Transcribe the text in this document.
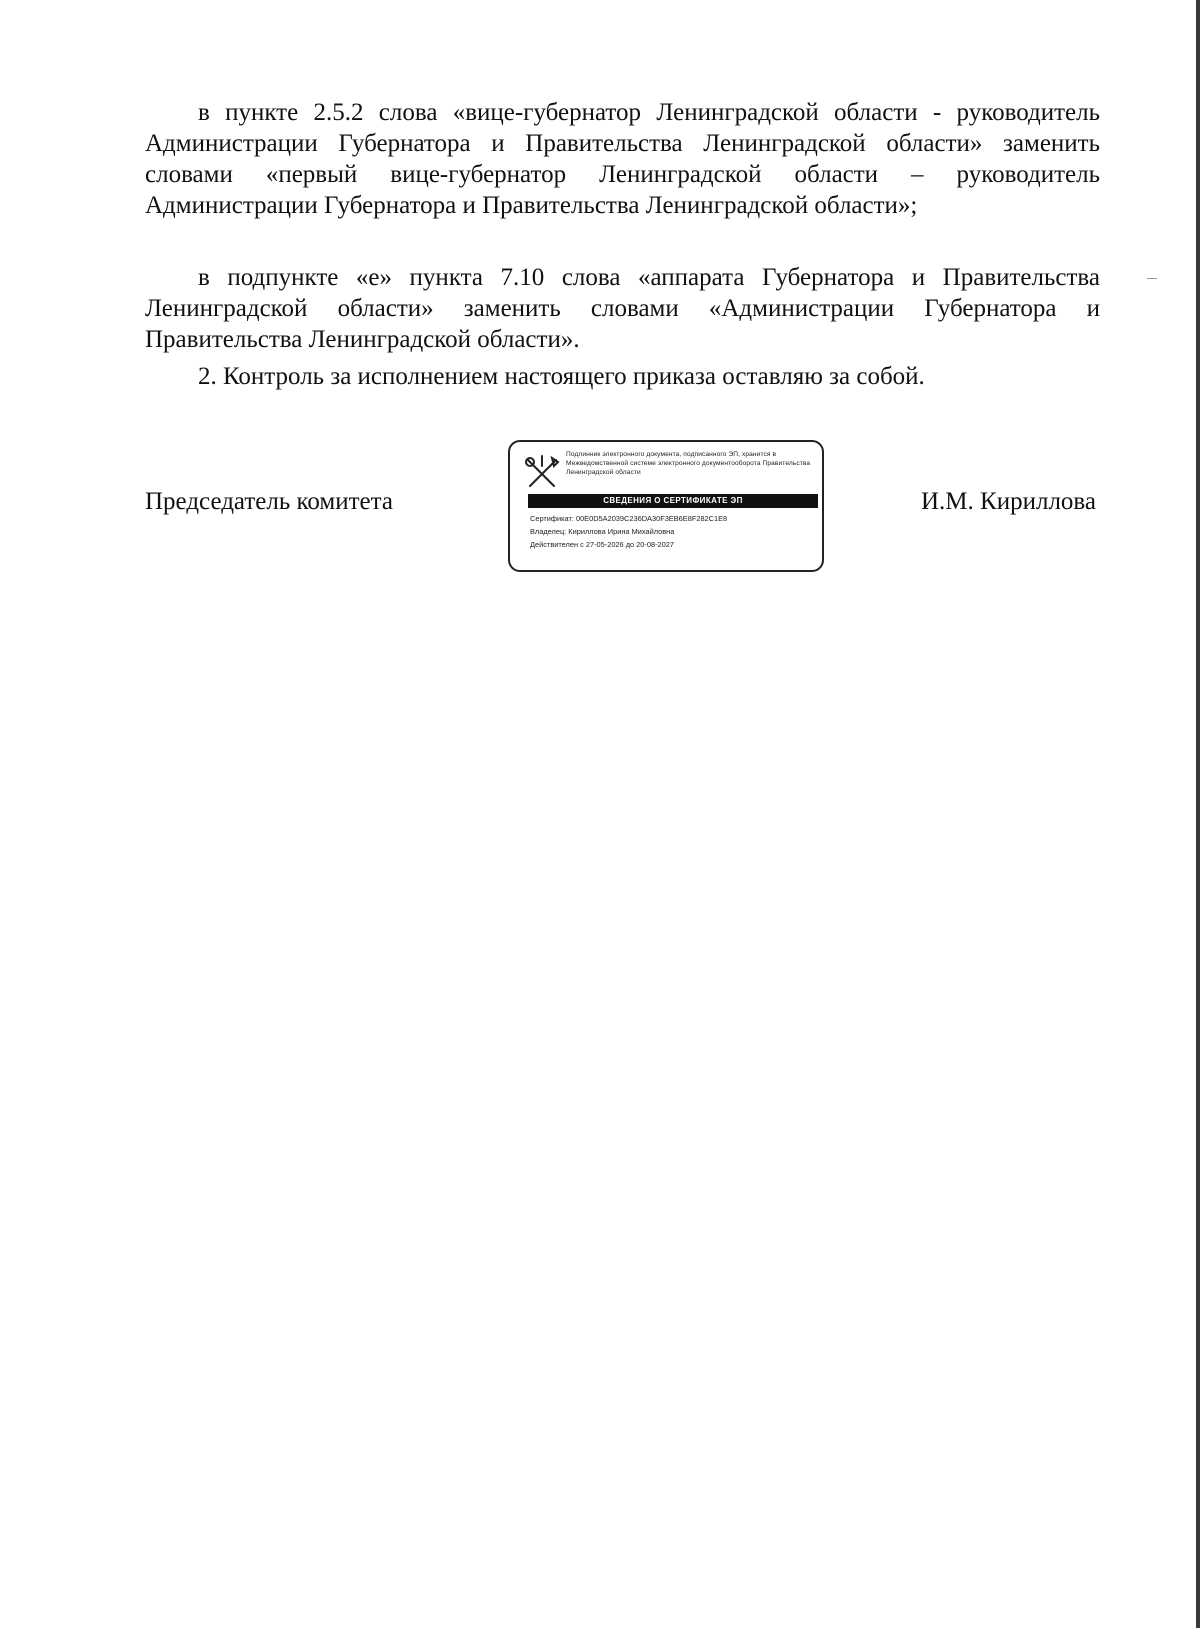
в пункте 2.5.2 слова «вице-губернатор Ленинградской области - руководитель Администрации Губернатора и Правительства Ленинградской области» заменить словами «первый вице-губернатор Ленинградской области – руководитель Администрации Губернатора и Правительства Ленинградской области»;

в подпункте «е» пункта 7.10 слова «аппарата Губернатора и Правительства Ленинградской области» заменить словами «Администрации Губернатора и Правительства Ленинградской области».

2. Контроль за исполнением настоящего приказа оставляю за собой.

Председатель комитета
Подлинник электронного документа, подписанного ЭП, хранится в Межведомственной системе электронного документооборота Правительства Ленинградской области
СВЕДЕНИЯ О СЕРТИФИКАТЕ ЭП
Сертификат: 00E0D5A2039C236DA30F3EB6E8F282C1E8
Владелец: Кириллова Ирина Михайловна
Действителен с 27-05-2026 до 20-08-2027
И.М. Кириллова
